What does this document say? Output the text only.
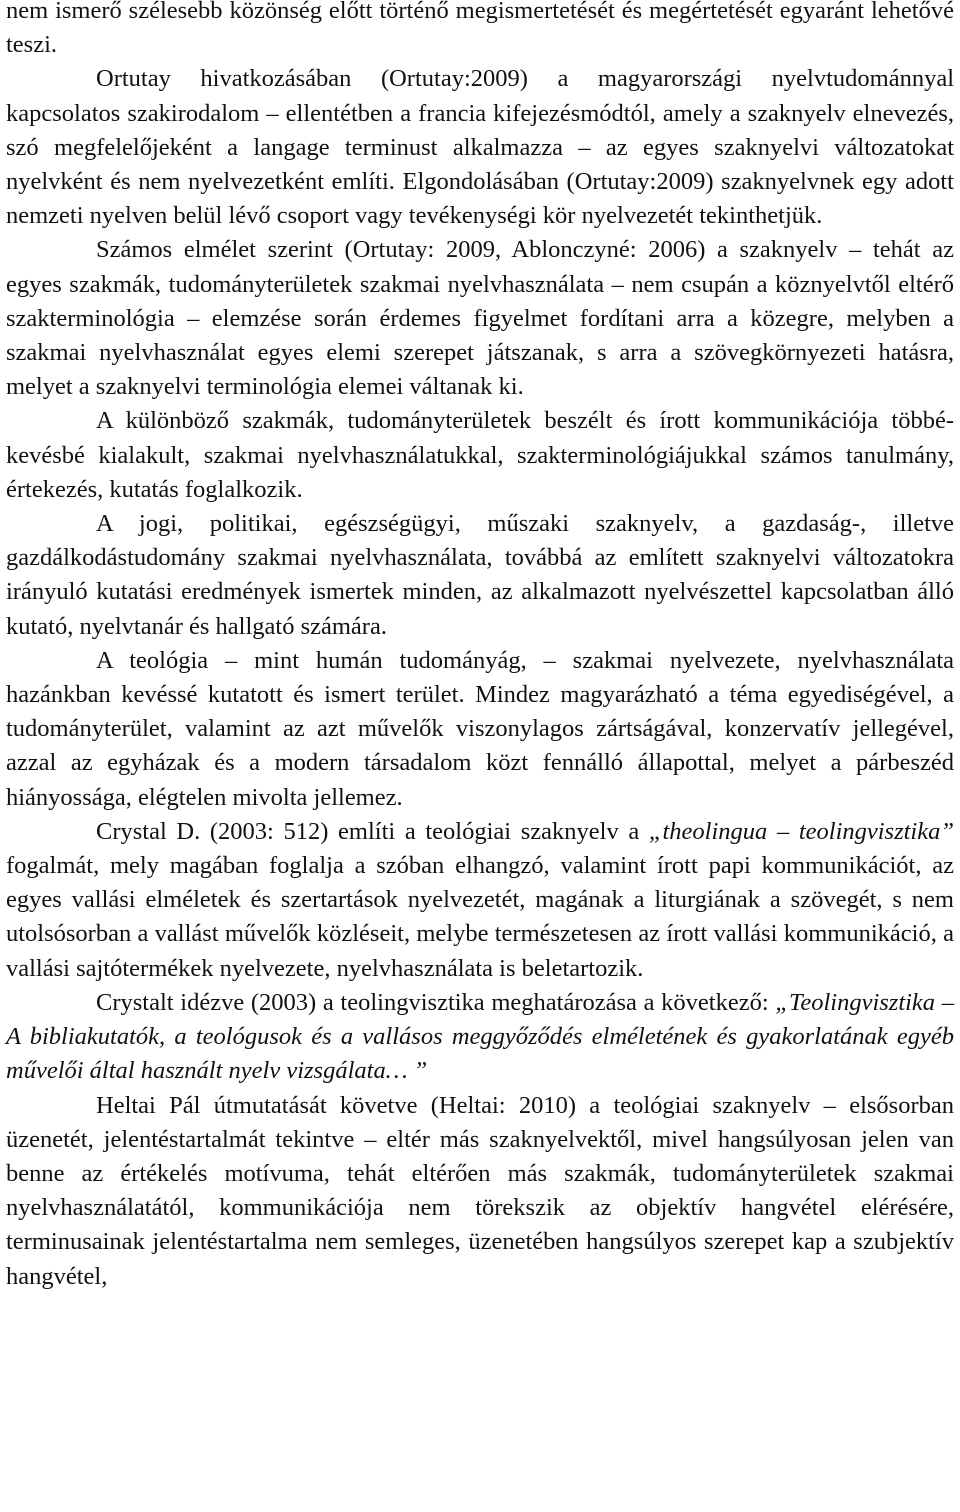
nem ismerő szélesebb közönség előtt történő megismertetését és megértetését egyaránt lehetővé teszi.

Ortutay hivatkozásában (Ortutay:2009) a magyarországi nyelvtudománnyal kapcsolatos szakirodalom – ellentétben a francia kifejezésmódtól, amely a szaknyelv elnevezés, szó megfelelőjeként a langage terminust alkalmazza – az egyes szaknyelvi változatokat nyelvként és nem nyelvezetként említi. Elgondolásában (Ortutay:2009) szaknyelvnek egy adott nemzeti nyelven belül lévő csoport vagy tevékenységi kör nyelvezetét tekinthetjük.

Számos elmélet szerint (Ortutay: 2009, Ablonczyné: 2006) a szaknyelv – tehát az egyes szakmák, tudományterületek szakmai nyelvhasználata – nem csupán a köznyelvtől eltérő szakterminológia – elemzése során érdemes figyelmet fordítani arra a közegre, melyben a szakmai nyelvhasználat egyes elemi szerepet játszanak, s arra a szövegkörnyezeti hatásra, melyet a szaknyelvi terminológia elemei váltanak ki.

A különböző szakmák, tudományterületek beszélt és írott kommunikációja többé-kevésbé kialakult, szakmai nyelvhasználatukkal, szakterminológiájukkal számos tanulmány, értekezés, kutatás foglalkozik.

A jogi, politikai, egészségügyi, műszaki szaknyelv, a gazdaság-, illetve gazdálkodástudomány szakmai nyelvhasználata, továbbá az említett szaknyelvi változatokra irányuló kutatási eredmények ismertek minden, az alkalmazott nyelvészettel kapcsolatban álló kutató, nyelvtanár és hallgató számára.

A teológia – mint humán tudományág, – szakmai nyelvezete, nyelvhasználata hazánkban kevéssé kutatott és ismert terület. Mindez magyarázható a téma egyediségével, a tudományterület, valamint az azt művelők viszonylagos zártságával, konzervatív jellegével, azzal az egyházak és a modern társadalom közt fennálló állapottal, melyet a párbeszéd hiányossága, elégtelen mivolta jellemez.

Crystal D. (2003: 512) említi a teológiai szaknyelv a „theolingua – teolingvisztika” fogalmát, mely magában foglalja a szóban elhangzó, valamint írott papi kommunikációt, az egyes vallási elméletek és szertartások nyelvezetét, magának a liturgiának a szövegét, s nem utolsósorban a vallást művelők közléseit, melybe természetesen az írott vallási kommunikáció, a vallási sajtótermékek nyelvezete, nyelvhasználata is beletartozik.

Crystalt idézve (2003) a teolingvisztika meghatározása a következő: „Teolingvisztika – A bibliakutatók, a teológusok és a vallásos meggyőződés elméletének és gyakorlatának egyéb művelői által használt nyelv vizsgálata… ”

Heltai Pál útmutatását követve (Heltai: 2010) a teológiai szaknyelv – elsősorban üzenetét, jelentéstartalmát tekintve – eltér más szaknyelvektől, mivel hangsúlyosan jelen van benne az értékelés motívuma, tehát eltérően más szakmák, tudományterületek szakmai nyelvhasználatától, kommunikációja nem törekszik az objektív hangvétel elérésére, terminusainak jelentéstartalma nem semleges, üzenetében hangsúlyos szerepet kap a szubjektív hangvétel,
